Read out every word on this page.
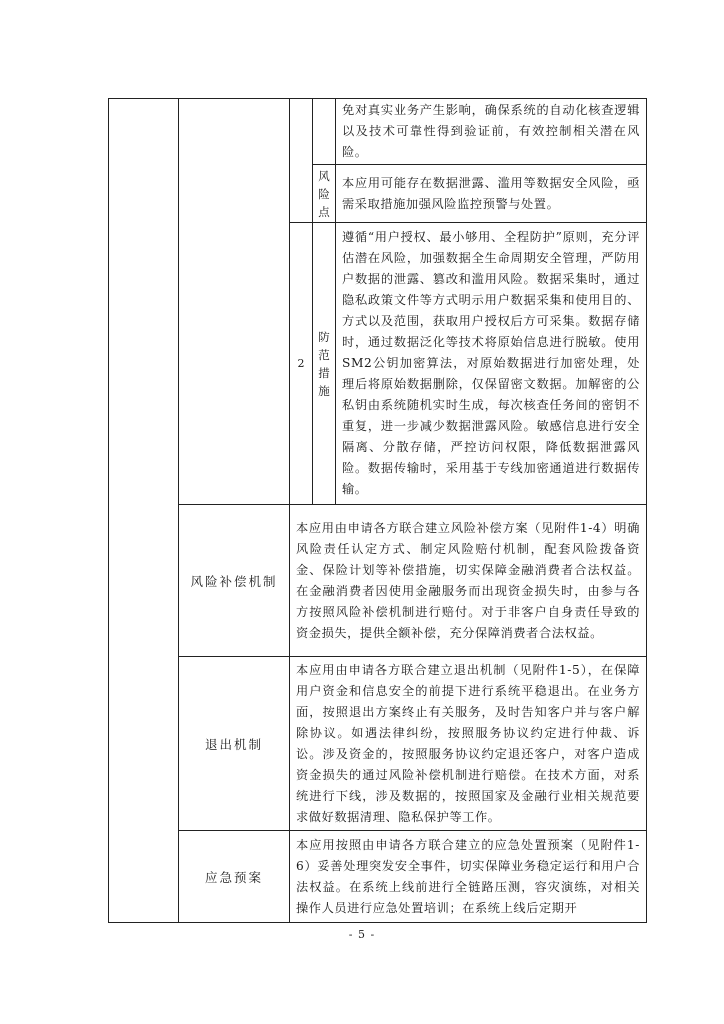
				免对真实业务产生影响，确保系统的自动化核查逻辑以及技术可靠性得到验证前，有效控制相关潜在风险。

			风险点	本应用可能存在数据泄露、滥用等数据安全风险，亟需采取措施加强风险监控预警与处置。

		2	防范措施	遵循“用户授权、最小够用、全程防护”原则，充分评估潜在风险，加强数据全生命周期安全管理，严防用户数据的泄露、篡改和滥用风险。数据采集时，通过隐私政策文件等方式明示用户数据采集和使用目的、方式以及范围，获取用户授权后方可采集。数据存储时，通过数据泛化等技术将原始信息进行脱敏。使用SM2公钥加密算法，对原始数据进行加密处理，处理后将原始数据删除，仅保留密文数据。加解密的公私钥由系统随机实时生成，每次核查任务间的密钥不重复，进一步减少数据泄露风险。敏感信息进行安全隔离、分散存储，严控访问权限，降低数据泄露风险。数据传输时，采用基于专线加密通道进行数据传输。

	风险补偿机制	本应用由申请各方联合建立风险补偿方案（见附件1-4）明确风险责任认定方式、制定风险赔付机制，配套风险拨备资金、保险计划等补偿措施，切实保障金融消费者合法权益。在金融消费者因使用金融服务而出现资金损失时，由参与各方按照风险补偿机制进行赔付。对于非客户自身责任导致的资金损失，提供全额补偿，充分保障消费者合法权益。		

	退出机制	本应用由申请各方联合建立退出机制（见附件1-5），在保障用户资金和信息安全的前提下进行系统平稳退出。在业务方面，按照退出方案终止有关服务，及时告知客户并与客户解除协议。如遇法律纠纷，按照服务协议约定进行仲裁、诉讼。涉及资金的，按照服务协议约定退还客户，对客户造成资金损失的通过风险补偿机制进行赔偿。在技术方面，对系统进行下线，涉及数据的，按照国家及金融行业相关规范要求做好数据清理、隐私保护等工作。		

	应急预案	本应用按照由申请各方联合建立的应急处置预案（见附件1-6）妥善处理突发安全事件，切实保障业务稳定运行和用户合法权益。在系统上线前进行全链路压测，容灾演练，对相关操作人员进行应急处置培训；在系统上线后定期开		
- 5 -
